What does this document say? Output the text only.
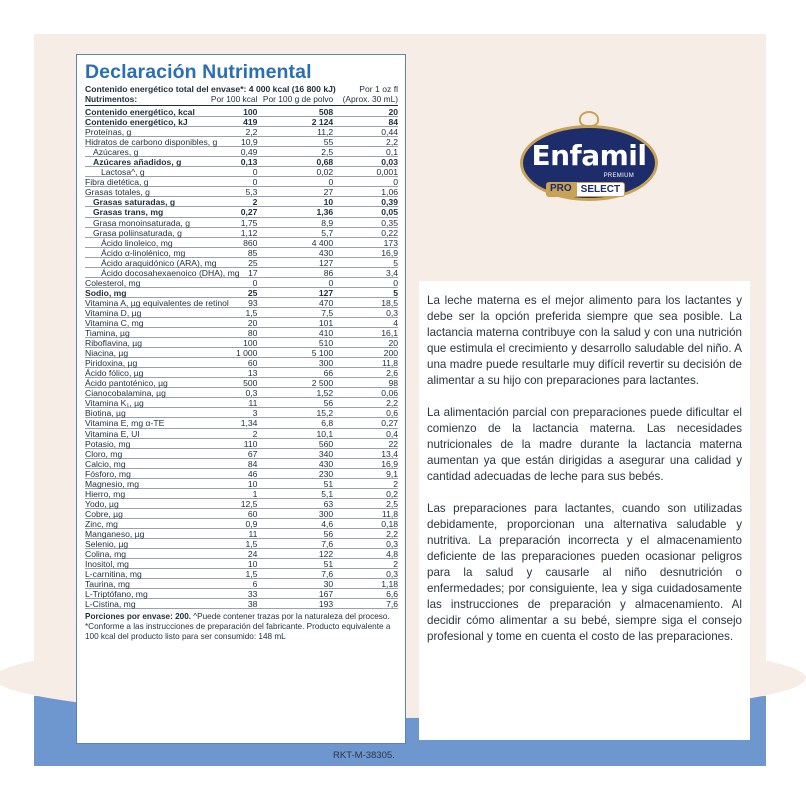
Declaración Nutrimental
Contenido energético total del envase*: 4 000 kcal (16 800 kJ)	Por 1 oz fl
Nutrimentos:	Por 100 kcal Por 100 g de polvo	(Aprox. 30 mL)
Contenido energético, kcal	100	508	20
Contenido energético, kJ	419	2 124	84
Proteínas, g	2,2	11,2	0,44
Hidratos de carbono disponibles, g	10,9	55	2,2
Azúcares, g	0,49	2,5	0,1
Azúcares añadidos, g	0,13	0,68	0,03
Lactosa^, g	0	0,02	0,001
Fibra dietética, g	0	0	0
Grasas totales, g	5,3	27	1,06
Grasas saturadas, g	2	10	0,39
Grasas trans, mg	0,27	1,36	0,05
Grasa monoinsaturada, g	1,75	8,9	0,35
Grasa poliinsaturada, g	1,12	5,7	0,22
Ácido linoleico, mg	860	4 400	173
Ácido α-linolénico, mg	85	430	16,9
Ácido araquidónico (ARA), mg	25	127	5
Ácido docosahexaenoico (DHA), mg	17	86	3,4
Colesterol, mg	0	0	0
Sodio, mg	25	127	5
Vitamina A, µg equivalentes de retinol	93	470	18,5
Vitamina D, µg	1,5	7,5	0,3
Vitamina C, mg	20	101	4
Tiamina, µg	80	410	16,1
Riboflavina, µg	100	510	20
Niacina, µg	1 000	5 100	200
Piridoxina, µg	60	300	11,8
Ácido fólico, µg	13	66	2,6
Ácido pantoténico, µg	500	2 500	98
Cianocobalamina, µg	0,3	1,52	0,06
Vitamina K₁, µg	11	56	2,2
Biotina, µg	3	15,2	0,6
Vitamina E, mg α-TE	1,34	6,8	0,27
Vitamina E, UI	2	10,1	0,4
Potasio, mg	110	560	22
Cloro, mg	67	340	13,4
Calcio, mg	84	430	16,9
Fósforo, mg	46	230	9,1
Magnesio, mg	10	51	2
Hierro, mg	1	5,1	0,2
Yodo, µg	12,5	63	2,5
Cobre, µg	60	300	11,8
Zinc, mg	0,9	4,6	0,18
Manganeso, µg	11	56	2,2
Selenio, µg	1,5	7,6	0,3
Colina, mg	24	122	4,8
Inositol, mg	10	51	2
L-carnitina, mg	1,5	7,6	0,3
Taurina, mg	6	30	1,18
L-Triptófano, mg	33	167	6,6
L-Cistina, mg	38	193	7,6
Porciones por envase: 200. ^Puede contener trazas por la naturaleza del proceso. *Conforme a las instrucciones de preparación del fabricante. Producto equivalente a 100 kcal del producto listo para ser consumido: 148 mL
Enfamil
PREMIUM
PRO SELECT

La leche materna es el mejor alimento para los lactantes y debe ser la opción preferida siempre que sea posible. La lactancia materna contribuye con la salud y con una nutrición que estimula el crecimiento y desarrollo saludable del niño. A una madre puede resultarle muy difícil revertir su decisión de alimentar a su hijo con preparaciones para lactantes.

La alimentación parcial con preparaciones puede dificultar el comienzo de la lactancia materna. Las necesidades nutricionales de la madre durante la lactancia materna aumentan ya que están dirigidas a asegurar una calidad y cantidad adecuadas de leche para sus bebés.

Las preparaciones para lactantes, cuando son utilizadas debidamente, proporcionan una alternativa saludable y nutritiva. La preparación incorrecta y el almacenamiento deficiente de las preparaciones pueden ocasionar peligros para la salud y causarle al niño desnutrición o enfermedades; por consiguiente, lea y siga cuidadosamente las instrucciones de preparación y almacenamiento. Al decidir cómo alimentar a su bebé, siempre siga el consejo profesional y tome en cuenta el costo de las preparaciones.

RKT-M-38305.
